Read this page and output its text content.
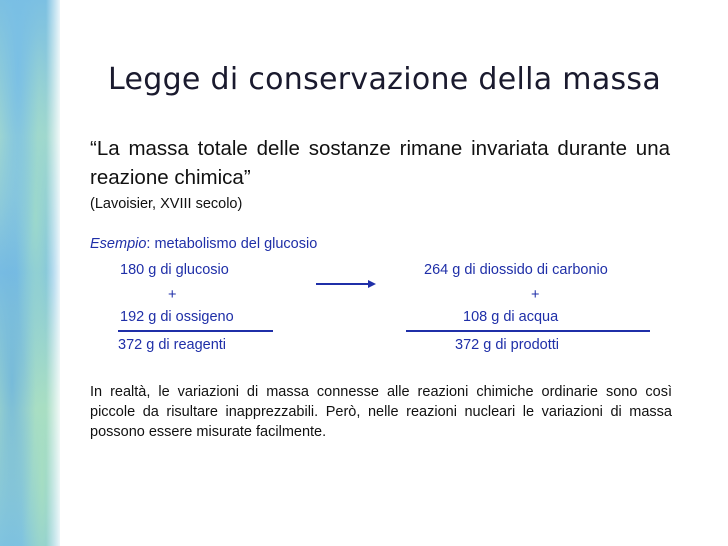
Legge di conservazione della massa
“La massa totale delle sostanze rimane invariata durante una reazione chimica”
(Lavoisier, XVIII secolo)
Esempio: metabolismo del glucosio
180 g di glucosio
+
192 g di ossigeno
372 g di reagenti
264 g di diossido di carbonio
+
108 g di acqua
372 g di prodotti
In realtà, le variazioni di massa connesse alle reazioni chimiche ordinarie sono così piccole da risultare inapprezzabili. Però, nelle reazioni nucleari le variazioni di massa possono essere misurate facilmente.
